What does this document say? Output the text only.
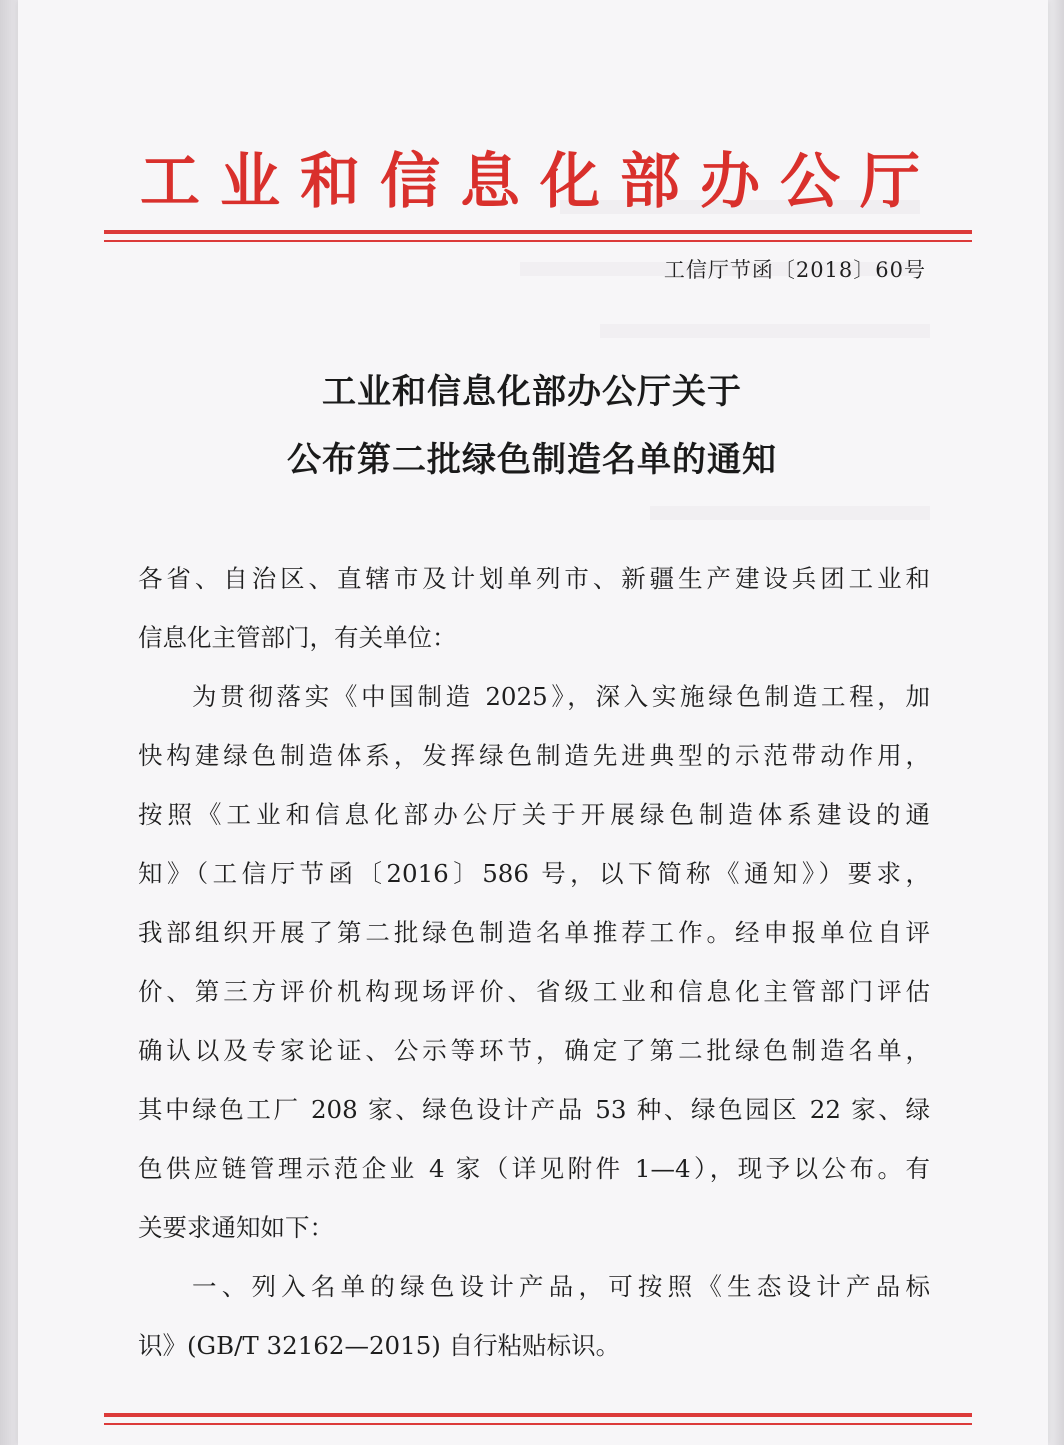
工业和信息化部办公厅
工信厅节函〔2018〕60号
工业和信息化部办公厅关于
公布第二批绿色制造名单的通知
各省、自治区、直辖市及计划单列市、新疆生产建设兵团工业和
信息化主管部门，有关单位：
为贯彻落实《中国制造 2025》，深入实施绿色制造工程，加
快构建绿色制造体系，发挥绿色制造先进典型的示范带动作用，
按照《工业和信息化部办公厅关于开展绿色制造体系建设的通
知》（工信厅节函〔2016〕586 号，以下简称《通知》）要求，
我部组织开展了第二批绿色制造名单推荐工作。经申报单位自评
价、第三方评价机构现场评价、省级工业和信息化主管部门评估
确认以及专家论证、公示等环节，确定了第二批绿色制造名单，
其中绿色工厂 208 家、绿色设计产品 53 种、绿色园区 22 家、绿
色供应链管理示范企业 4 家（详见附件 1—4），现予以公布。有
关要求通知如下：
一、列入名单的绿色设计产品，可按照《生态设计产品标
识》(GB/T 32162—2015) 自行粘贴标识。
